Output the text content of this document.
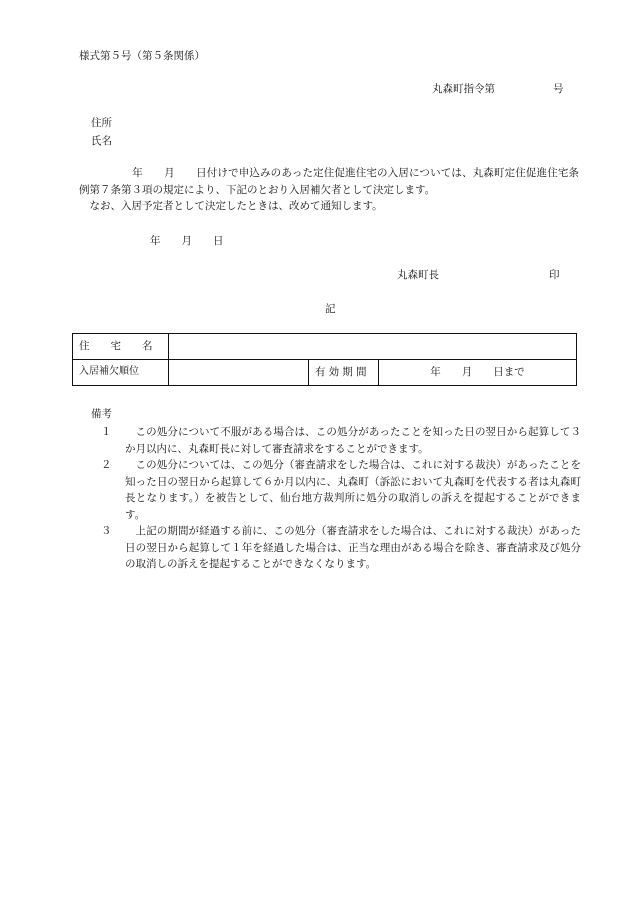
様式第５号（第５条関係）
丸森町指令第	号
住所
氏名

　　　　　年　　月　　日付けで申込みのあった定住促進住宅の入居については、丸森町定住促進住宅条例第７条第３項の規定により、下記のとおり入居補欠者として決定します。

　なお、入居予定者として決定したときは、改めて通知します。

年　　月　　日
丸森町長	印
記
住　　宅　　名			
入居補欠順位		有効期間	年　　月　　日まで
備考
１	この処分について不服がある場合は、この処分があったことを知った日の翌日から起算して３か月以内に、丸森町長に対して審査請求をすることができます。
２	この処分については、この処分（審査請求をした場合は、これに対する裁決）があったことを知った日の翌日から起算して６か月以内に、丸森町（訴訟において丸森町を代表する者は丸森町長となります。）を被告として、仙台地方裁判所に処分の取消しの訴えを提起することができます。
３	上記の期間が経過する前に、この処分（審査請求をした場合は、これに対する裁決）があった日の翌日から起算して１年を経過した場合は、正当な理由がある場合を除き、審査請求及び処分の取消しの訴えを提起することができなくなります。
